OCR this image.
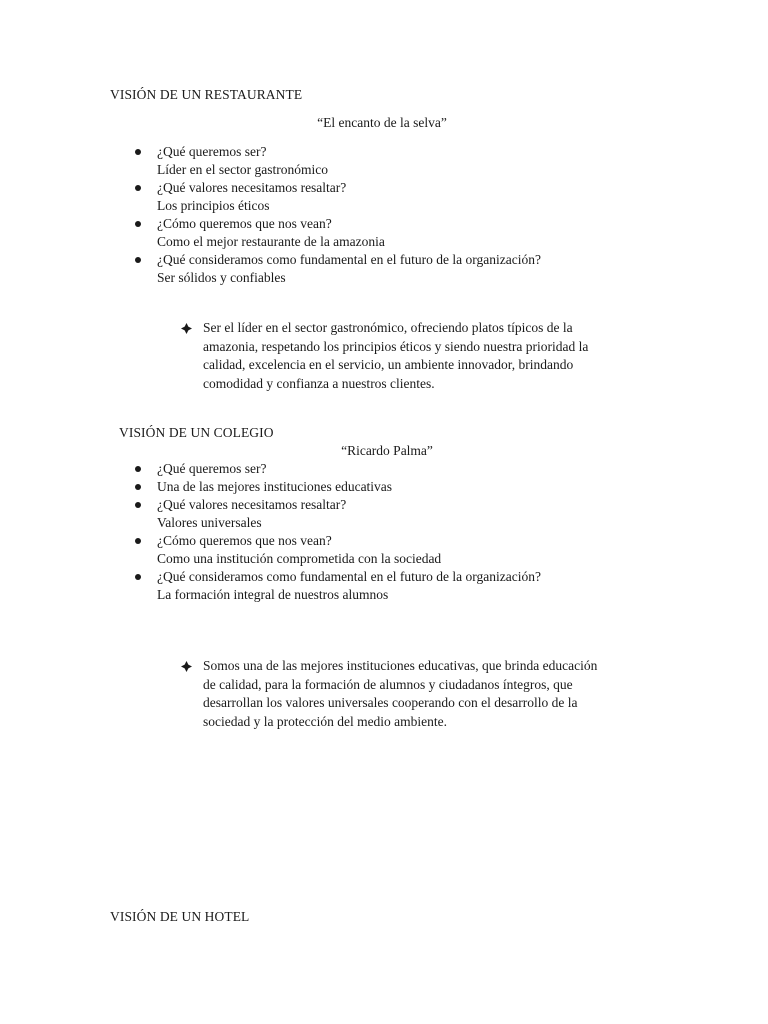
VISIÓN DE UN RESTAURANTE
“El encanto de la selva”
¿Qué queremos ser?
Líder en el sector gastronómico
¿Qué valores necesitamos resaltar?
Los principios éticos
¿Cómo queremos que nos vean?
Como el mejor restaurante de la amazonia
¿Qué consideramos como fundamental en el futuro de la organización?
Ser sólidos y confiables
Ser el líder en el sector gastronómico, ofreciendo platos típicos de la
amazonia, respetando los principios éticos y siendo nuestra prioridad la
calidad, excelencia en el servicio, un ambiente innovador, brindando
comodidad y confianza a nuestros clientes.
VISIÓN DE UN COLEGIO
“Ricardo Palma”
¿Qué queremos ser?
Una de las mejores instituciones educativas
¿Qué valores necesitamos resaltar?
Valores universales
¿Cómo queremos que nos vean?
Como una institución comprometida con la sociedad
¿Qué consideramos como fundamental en el futuro de la organización?
La formación integral de nuestros alumnos
Somos una de las mejores instituciones educativas, que brinda educación
de calidad, para la formación de alumnos y ciudadanos íntegros, que
desarrollan los valores universales cooperando con el desarrollo de la
sociedad y la protección del medio ambiente.
VISIÓN DE UN HOTEL
